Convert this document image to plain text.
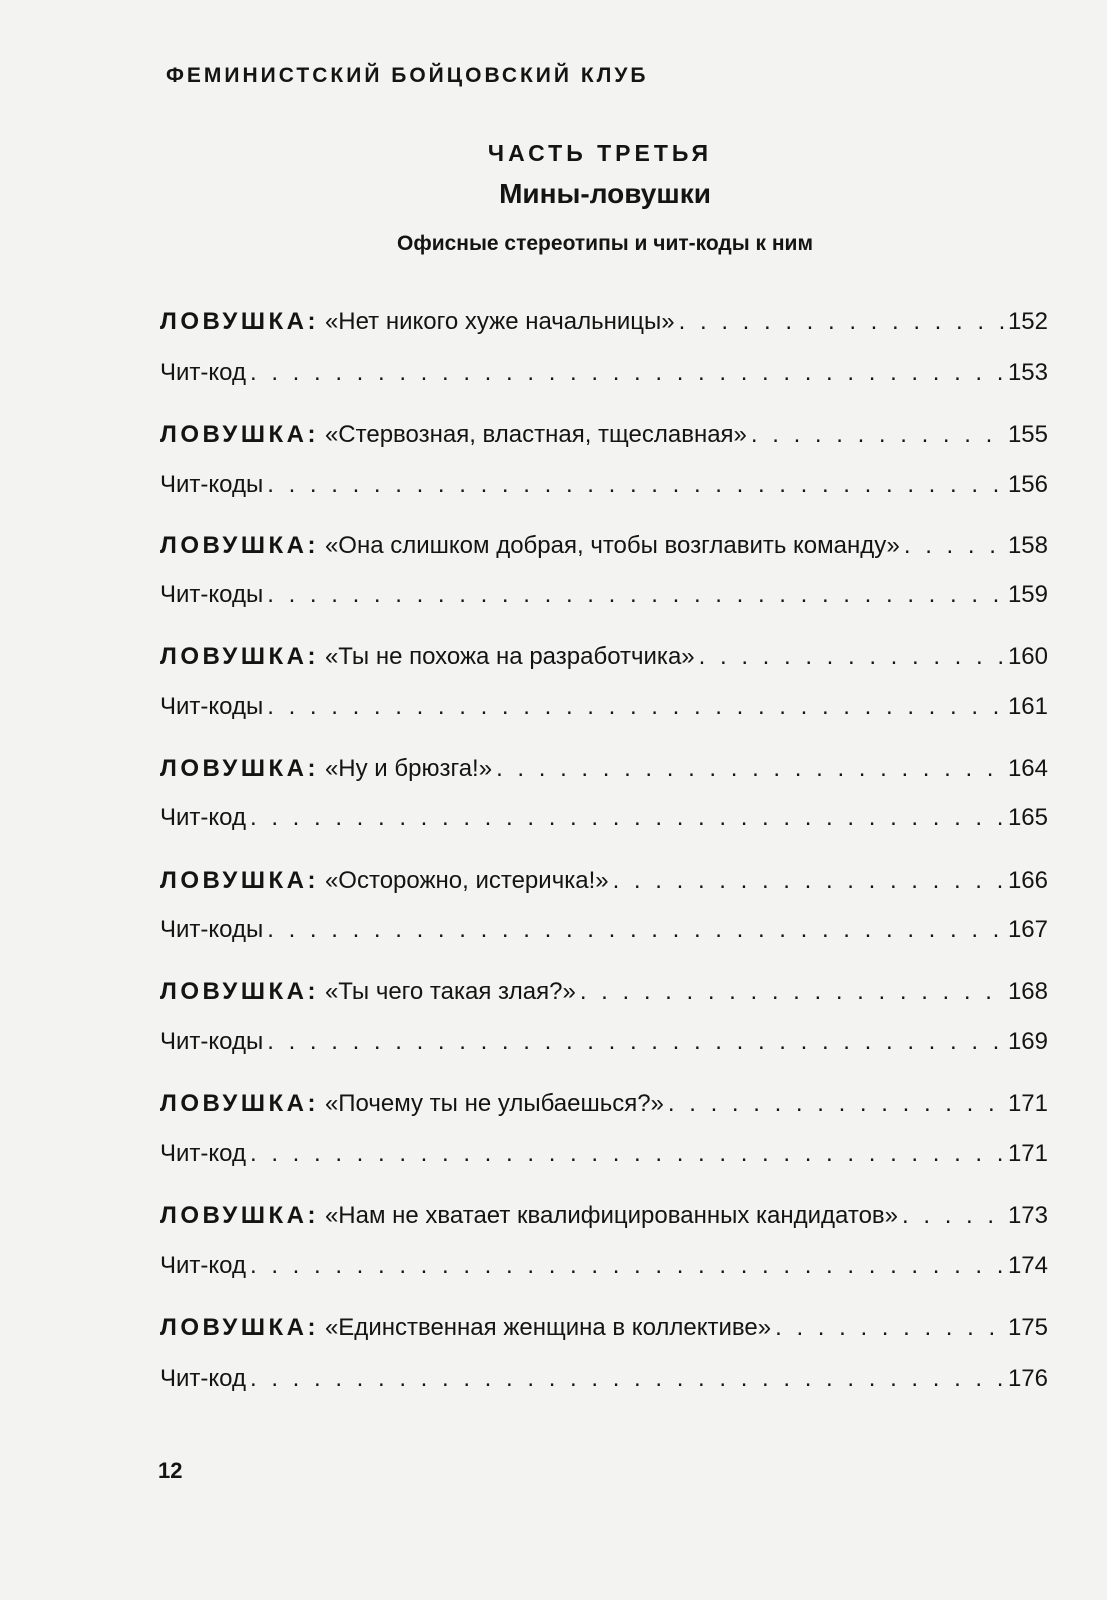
ФЕМИНИСТСКИЙ БОЙЦОВСКИЙ КЛУБ
ЧАСТЬ ТРЕТЬЯ
Мины-ловушки
Офисные стереотипы и чит-коды к ним
ЛОВУШКА: «Нет никого хуже начальницы» . . .	152
Чит-код . . .	153
ЛОВУШКА: «Стервозная, властная, тщеславная» . . .	155
Чит-коды . . .	156
ЛОВУШКА: «Она слишком добрая, чтобы возглавить команду» . . .	158
Чит-коды . . .	159
ЛОВУШКА: «Ты не похожа на разработчика» . . .	160
Чит-коды . . .	161
ЛОВУШКА: «Ну и брюзга!» . . .	164
Чит-код . . .	165
ЛОВУШКА: «Осторожно, истеричка!» . . .	166
Чит-коды . . .	167
ЛОВУШКА: «Ты чего такая злая?» . . .	168
Чит-коды . . .	169
ЛОВУШКА: «Почему ты не улыбаешься?» . . .	171
Чит-код . . .	171
ЛОВУШКА: «Нам не хватает квалифицированных кандидатов» . . .	173
Чит-код . . .	174
ЛОВУШКА: «Единственная женщина в коллективе» . . .	175
Чит-код . . .	176

12
